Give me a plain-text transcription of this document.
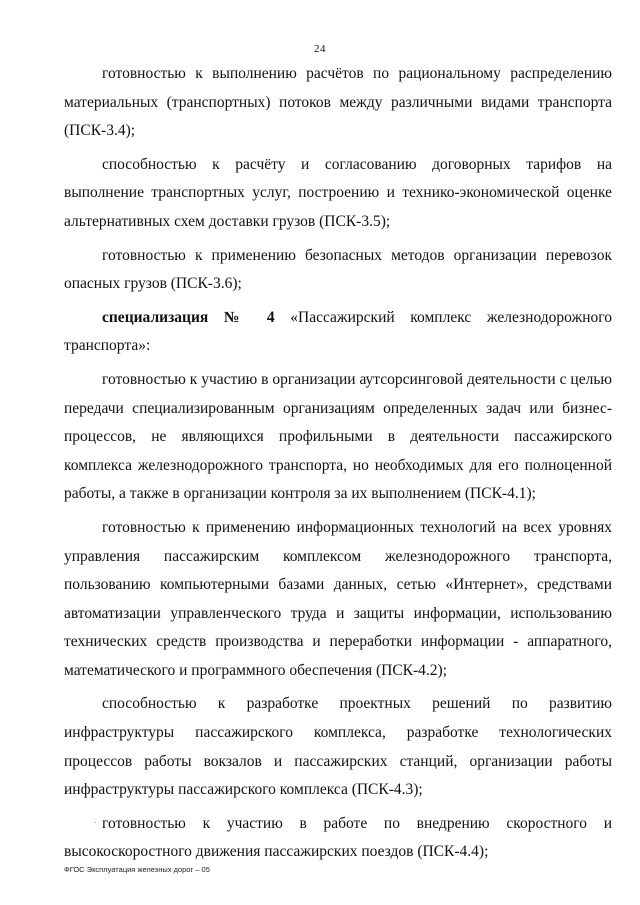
24

готовностью к выполнению расчётов по рациональному распределению материальных (транспортных) потоков между различными видами транспорта (ПСК-3.4);

способностью к расчёту и согласованию договорных тарифов на выполнение транспортных услуг, построению и технико-экономической оценке альтернативных схем доставки грузов (ПСК-3.5);

готовностью к применению безопасных методов организации перевозок опасных грузов (ПСК-3.6);

специализация № 4 «Пассажирский комплекс железнодорожного транспорта»:

готовностью к участию в организации аутсорсинговой деятельности с целью передачи специализированным организациям определенных задач или бизнес-процессов, не являющихся профильными в деятельности пассажирского комплекса железнодорожного транспорта, но необходимых для его полноценной работы, а также в организации контроля за их выполнением (ПСК-4.1);

готовностью к применению информационных технологий на всех уровнях управления пассажирским комплексом железнодорожного транспорта, пользованию компьютерными базами данных, сетью «Интернет», средствами автоматизации управленческого труда и защиты информации, использованию технических средств производства и переработки информации - аппаратного, математического и программного обеспечения (ПСК-4.2);

способностью к разработке проектных решений по развитию инфраструктуры пассажирского комплекса, разработке технологических процессов работы вокзалов и пассажирских станций, организации работы инфраструктуры пассажирского комплекса (ПСК-4.3);

готовностью к участию в работе по внедрению скоростного и высокоскоростного движения пассажирских поездов (ПСК-4.4);

ФГОС Эксплуатация железных дорог – 05
